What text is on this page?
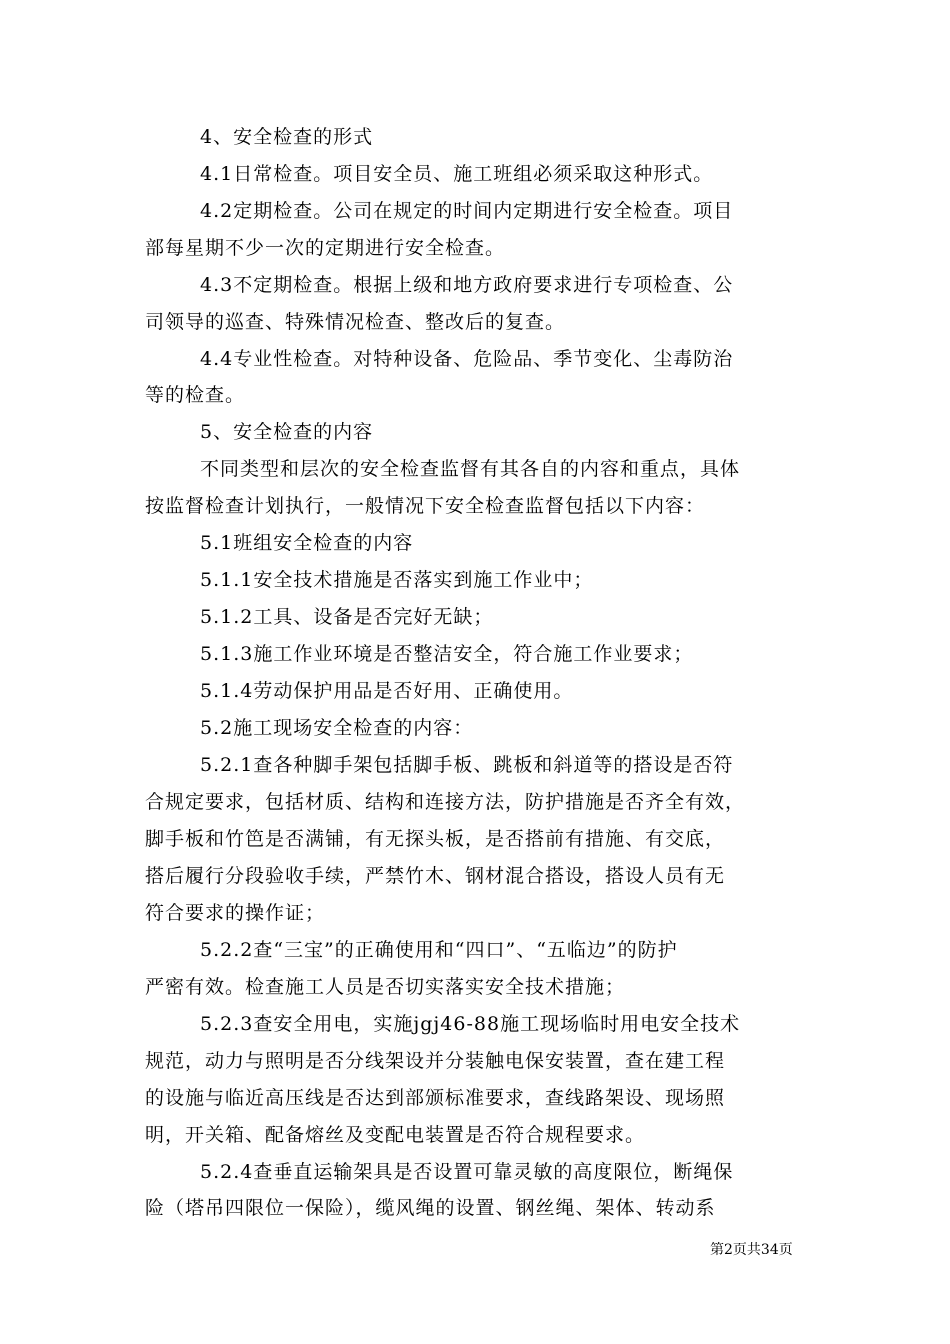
4、安全检查的形式
4.1日常检查。项目安全员、施工班组必须采取这种形式。
4.2定期检查。公司在规定的时间内定期进行安全检查。项目
部每星期不少一次的定期进行安全检查。
4.3不定期检查。根据上级和地方政府要求进行专项检查、公
司领导的巡查、特殊情况检查、整改后的复查。
4.4专业性检查。对特种设备、危险品、季节变化、尘毒防治
等的检查。
5、安全检查的内容
不同类型和层次的安全检查监督有其各自的内容和重点，具体
按监督检查计划执行，一般情况下安全检查监督包括以下内容：
5.1班组安全检查的内容
5.1.1安全技术措施是否落实到施工作业中；
5.1.2工具、设备是否完好无缺；
5.1.3施工作业环境是否整洁安全，符合施工作业要求；
5.1.4劳动保护用品是否好用、正确使用。
5.2施工现场安全检查的内容：
5.2.1查各种脚手架包括脚手板、跳板和斜道等的搭设是否符
合规定要求，包括材质、结构和连接方法，防护措施是否齐全有效，
脚手板和竹笆是否满铺，有无探头板，是否搭前有措施、有交底，
搭后履行分段验收手续，严禁竹木、钢材混合搭设，搭设人员有无
符合要求的操作证；
5.2.2查“三宝”的正确使用和“四口”、“五临边”的防护
严密有效。检查施工人员是否切实落实安全技术措施；
5.2.3查安全用电，实施jgj46-88施工现场临时用电安全技术
规范，动力与照明是否分线架设并分装触电保安装置，查在建工程
的设施与临近高压线是否达到部颁标准要求，查线路架设、现场照
明，开关箱、配备熔丝及变配电装置是否符合规程要求。
5.2.4查垂直运输架具是否设置可靠灵敏的高度限位，断绳保
险（塔吊四限位一保险），缆风绳的设置、钢丝绳、架体、转动系
第2页共34页
